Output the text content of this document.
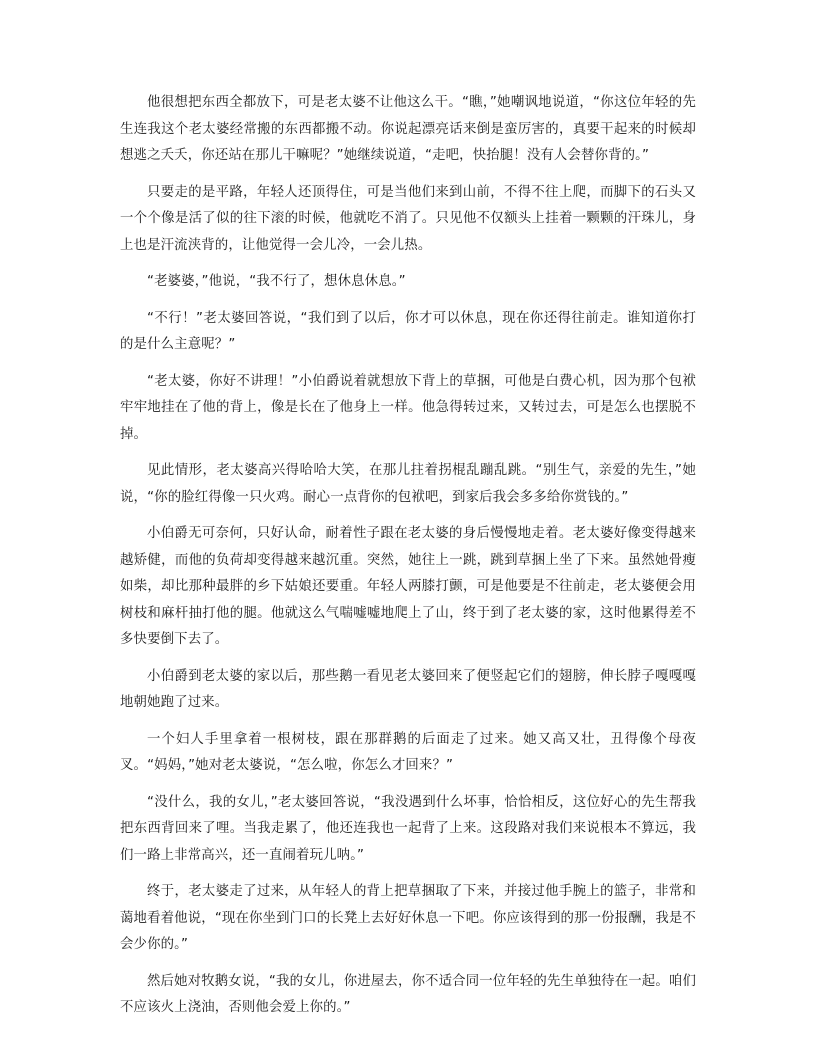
他很想把东西全都放下，可是老太婆不让他这么干。“瞧，”她嘲讽地说道，“你这位年轻的先生连我这个老太婆经常搬的东西都搬不动。你说起漂亮话来倒是蛮厉害的，真要干起来的时候却想逃之夭夭，你还站在那儿干嘛呢？”她继续说道，“走吧，快抬腿！没有人会替你背的。”

只要走的是平路，年轻人还顶得住，可是当他们来到山前，不得不往上爬，而脚下的石头又一个个像是活了似的往下滚的时候，他就吃不消了。只见他不仅额头上挂着一颗颗的汗珠儿，身上也是汗流浃背的，让他觉得一会儿冷，一会儿热。

“老婆婆，”他说，“我不行了，想休息休息。”

“不行！”老太婆回答说，“我们到了以后，你才可以休息，现在你还得往前走。谁知道你打的是什么主意呢？”

“老太婆，你好不讲理！”小伯爵说着就想放下背上的草捆，可他是白费心机，因为那个包袱牢牢地挂在了他的背上，像是长在了他身上一样。他急得转过来，又转过去，可是怎么也摆脱不掉。

见此情形，老太婆高兴得哈哈大笑，在那儿拄着拐棍乱蹦乱跳。“别生气，亲爱的先生，”她说，“你的脸红得像一只火鸡。耐心一点背你的包袱吧，到家后我会多多给你赏钱的。”

小伯爵无可奈何，只好认命，耐着性子跟在老太婆的身后慢慢地走着。老太婆好像变得越来越矫健，而他的负荷却变得越来越沉重。突然，她往上一跳，跳到草捆上坐了下来。虽然她骨瘦如柴，却比那种最胖的乡下姑娘还要重。年轻人两膝打颤，可是他要是不往前走，老太婆便会用树枝和麻杆抽打他的腿。他就这么气喘嘘嘘地爬上了山，终于到了老太婆的家，这时他累得差不多快要倒下去了。

小伯爵到老太婆的家以后，那些鹅一看见老太婆回来了便竖起它们的翅膀，伸长脖子嘎嘎嘎地朝她跑了过来。

一个妇人手里拿着一根树枝，跟在那群鹅的后面走了过来。她又高又壮，丑得像个母夜叉。“妈妈，”她对老太婆说，“怎么啦，你怎么才回来？”

“没什么，我的女儿，”老太婆回答说，“我没遇到什么坏事，恰恰相反，这位好心的先生帮我把东西背回来了哩。当我走累了，他还连我也一起背了上来。这段路对我们来说根本不算远，我们一路上非常高兴，还一直闹着玩儿呐。”

终于，老太婆走了过来，从年轻人的背上把草捆取了下来，并接过他手腕上的篮子，非常和蔼地看着他说，“现在你坐到门口的长凳上去好好休息一下吧。你应该得到的那一份报酬，我是不会少你的。”

然后她对牧鹅女说，“我的女儿，你进屋去，你不适合同一位年轻的先生单独待在一起。咱们不应该火上浇油，否则他会爱上你的。”
